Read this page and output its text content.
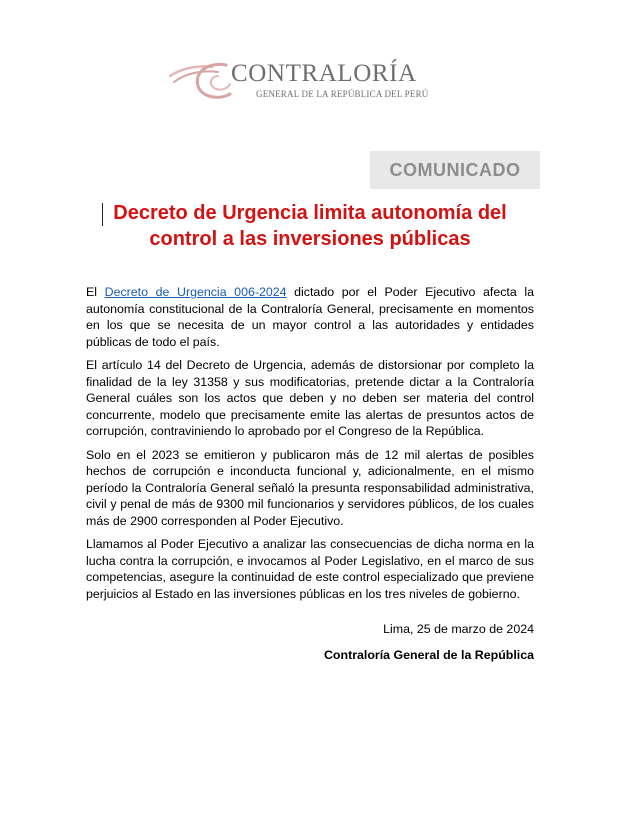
CONTRALORÍA
GENERAL DE LA REPÚBLICA DEL PERÚ
COMUNICADO
Decreto de Urgencia limita autonomía del
control a las inversiones públicas

El Decreto de Urgencia 006-2024 dictado por el Poder Ejecutivo afecta la autonomía constitucional de la Contraloría General, precisamente en momentos en los que se necesita de un mayor control a las autoridades y entidades públicas de todo el país.

El artículo 14 del Decreto de Urgencia, además de distorsionar por completo la finalidad de la ley 31358 y sus modificatorias, pretende dictar a la Contraloría General cuáles son los actos que deben y no deben ser materia del control concurrente, modelo que precisamente emite las alertas de presuntos actos de corrupción, contraviniendo lo aprobado por el Congreso de la República.

Solo en el 2023 se emitieron y publicaron más de 12 mil alertas de posibles hechos de corrupción e inconducta funcional y, adicionalmente, en el mismo período la Contraloría General señaló la presunta responsabilidad administrativa, civil y penal de más de 9300 mil funcionarios y servidores públicos, de los cuales más de 2900 corresponden al Poder Ejecutivo.

Llamamos al Poder Ejecutivo a analizar las consecuencias de dicha norma en la lucha contra la corrupción, e invocamos al Poder Legislativo, en el marco de sus competencias, asegure la continuidad de este control especializado que previene perjuicios al Estado en las inversiones públicas en los tres niveles de gobierno.

Lima, 25 de marzo de 2024
Contraloría General de la República
